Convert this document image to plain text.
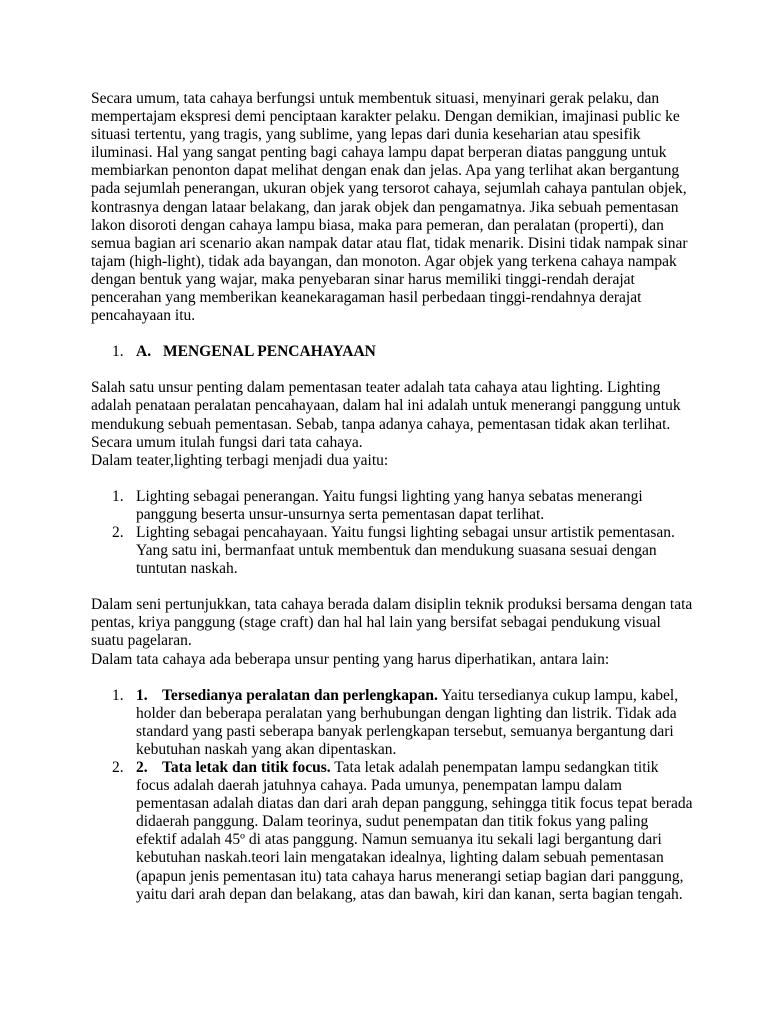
Secara umum, tata cahaya berfungsi untuk membentuk situasi, menyinari gerak pelaku, dan
mempertajam ekspresi demi penciptaan karakter pelaku. Dengan demikian, imajinasi public ke
situasi tertentu, yang tragis, yang sublime, yang lepas dari dunia keseharian atau spesifik
iluminasi. Hal yang sangat penting bagi cahaya lampu dapat berperan diatas panggung untuk
membiarkan penonton dapat melihat dengan enak dan jelas. Apa yang terlihat akan bergantung
pada sejumlah penerangan, ukuran objek yang tersorot cahaya, sejumlah cahaya pantulan objek,
kontrasnya dengan lataar belakang, dan jarak objek dan pengamatnya. Jika sebuah pementasan
lakon disoroti dengan cahaya lampu biasa, maka para pemeran, dan peralatan (properti), dan
semua bagian ari scenario akan nampak datar atau flat, tidak menarik. Disini tidak nampak sinar
tajam (high-light), tidak ada bayangan, dan monoton. Agar objek yang terkena cahaya nampak
dengan bentuk yang wajar, maka penyebaran sinar harus memiliki tinggi-rendah derajat
pencerahan yang memberikan keanekaragaman hasil perbedaan tinggi-rendahnya derajat
pencahayaan itu.

1. A. MENGENAL PENCAHAYAAN

Salah satu unsur penting dalam pementasan teater adalah tata cahaya atau lighting. Lighting
adalah penataan peralatan pencahayaan, dalam hal ini adalah untuk menerangi panggung untuk
mendukung sebuah pementasan. Sebab, tanpa adanya cahaya, pementasan tidak akan terlihat.
Secara umum itulah fungsi dari tata cahaya.
Dalam teater,lighting terbagi menjadi dua yaitu:

1. Lighting sebagai penerangan. Yaitu fungsi lighting yang hanya sebatas menerangi
panggung beserta unsur-unsurnya serta pementasan dapat terlihat.
2. Lighting sebagai pencahayaan. Yaitu fungsi lighting sebagai unsur artistik pementasan.
Yang satu ini, bermanfaat untuk membentuk dan mendukung suasana sesuai dengan
tuntutan naskah.

Dalam seni pertunjukkan, tata cahaya berada dalam disiplin teknik produksi bersama dengan tata
pentas, kriya panggung (stage craft) dan hal hal lain yang bersifat sebagai pendukung visual
suatu pagelaran.
Dalam tata cahaya ada beberapa unsur penting yang harus diperhatikan, antara lain:

1. 1. Tersedianya peralatan dan perlengkapan. Yaitu tersedianya cukup lampu, kabel,
holder dan beberapa peralatan yang berhubungan dengan lighting dan listrik. Tidak ada
standard yang pasti seberapa banyak perlengkapan tersebut, semuanya bergantung dari
kebutuhan naskah yang akan dipentaskan.
2. 2. Tata letak dan titik focus. Tata letak adalah penempatan lampu sedangkan titik
focus adalah daerah jatuhnya cahaya. Pada umunya, penempatan lampu dalam
pementasan adalah diatas dan dari arah depan panggung, sehingga titik focus tepat berada
didaerah panggung. Dalam teorinya, sudut penempatan dan titik fokus yang paling
efektif adalah 45º di atas panggung. Namun semuanya itu sekali lagi bergantung dari
kebutuhan naskah.teori lain mengatakan idealnya, lighting dalam sebuah pementasan
(apapun jenis pementasan itu) tata cahaya harus menerangi setiap bagian dari panggung,
yaitu dari arah depan dan belakang, atas dan bawah, kiri dan kanan, serta bagian tengah.
